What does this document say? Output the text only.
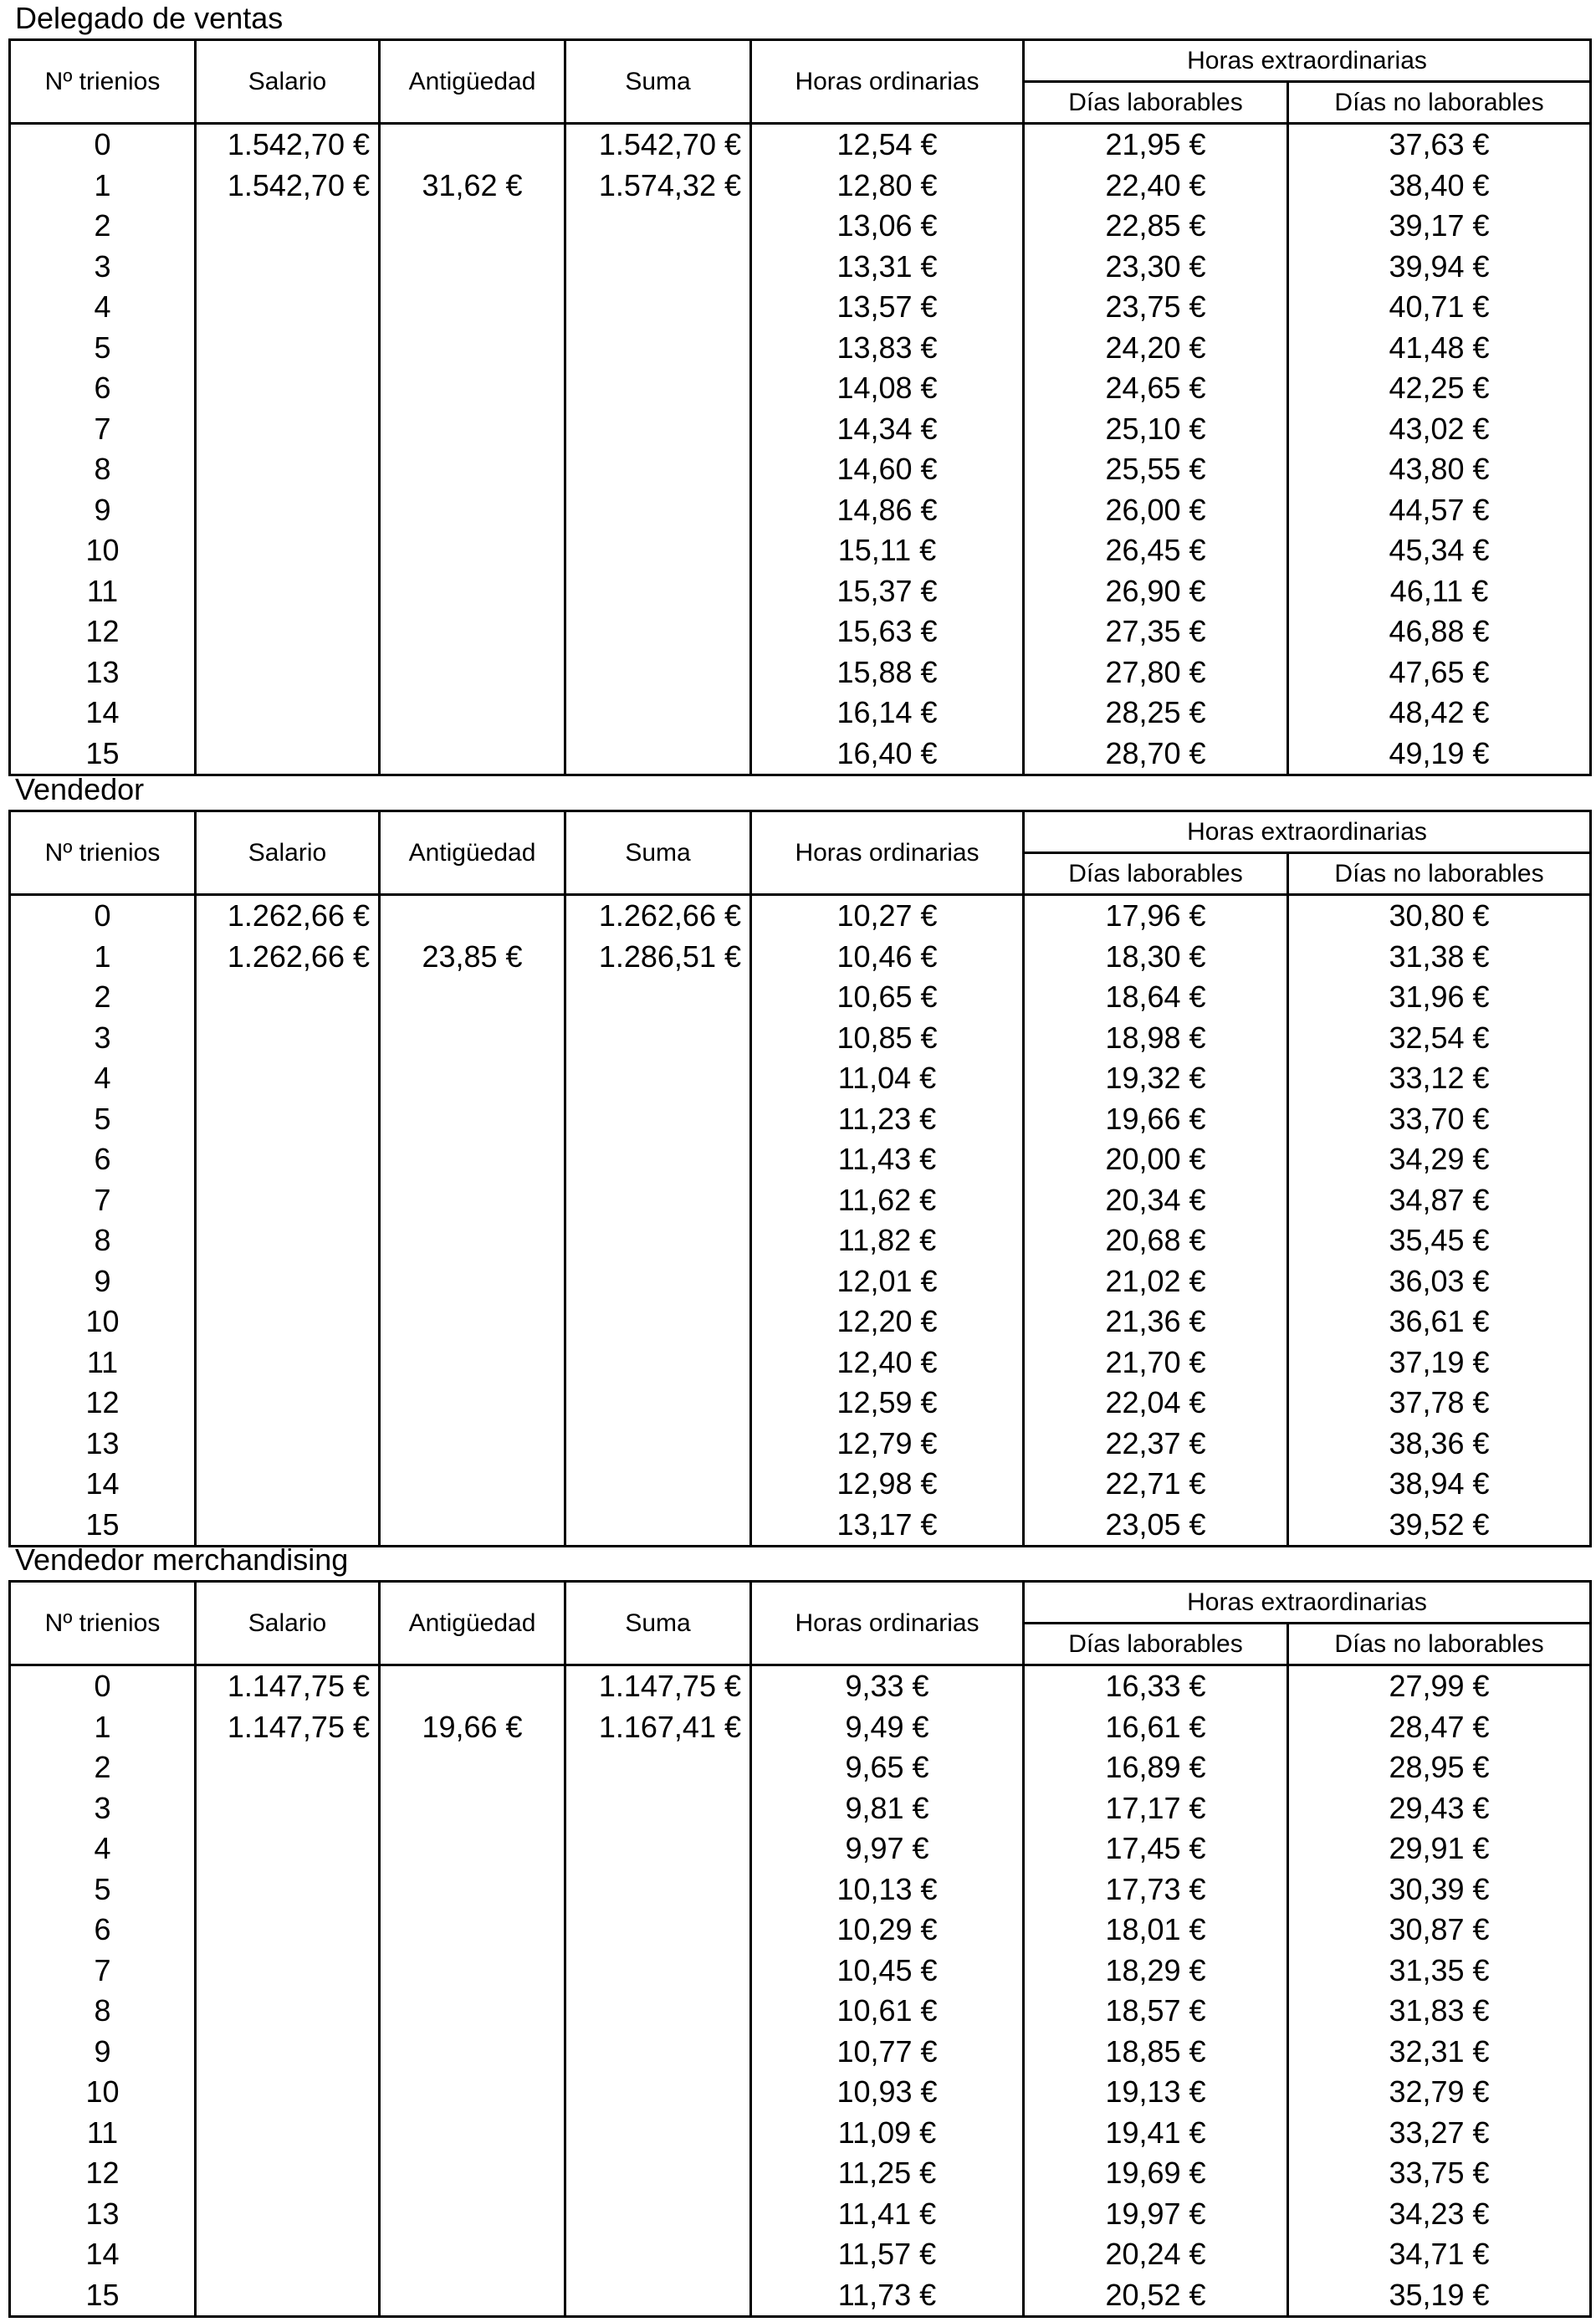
Delegado de ventas
Nº trienios	Salario	Antigüedad	Suma	Horas ordinarias	Horas extraordinarias	
					Días laborables	Días no laborables
0	1.542,70 €		1.542,70 €	12,54 €	21,95 €	37,63 €
1	1.542,70 €	31,62 €	1.574,32 €	12,80 €	22,40 €	38,40 €
2				13,06 €	22,85 €	39,17 €
3				13,31 €	23,30 €	39,94 €
4				13,57 €	23,75 €	40,71 €
5				13,83 €	24,20 €	41,48 €
6				14,08 €	24,65 €	42,25 €
7				14,34 €	25,10 €	43,02 €
8				14,60 €	25,55 €	43,80 €
9				14,86 €	26,00 €	44,57 €
10				15,11 €	26,45 €	45,34 €
11				15,37 €	26,90 €	46,11 €
12				15,63 €	27,35 €	46,88 €
13				15,88 €	27,80 €	47,65 €
14				16,14 €	28,25 €	48,42 €
15				16,40 €	28,70 €	49,19 €
Vendedor
Nº trienios	Salario	Antigüedad	Suma	Horas ordinarias	Horas extraordinarias	
					Días laborables	Días no laborables
0	1.262,66 €		1.262,66 €	10,27 €	17,96 €	30,80 €
1	1.262,66 €	23,85 €	1.286,51 €	10,46 €	18,30 €	31,38 €
2				10,65 €	18,64 €	31,96 €
3				10,85 €	18,98 €	32,54 €
4				11,04 €	19,32 €	33,12 €
5				11,23 €	19,66 €	33,70 €
6				11,43 €	20,00 €	34,29 €
7				11,62 €	20,34 €	34,87 €
8				11,82 €	20,68 €	35,45 €
9				12,01 €	21,02 €	36,03 €
10				12,20 €	21,36 €	36,61 €
11				12,40 €	21,70 €	37,19 €
12				12,59 €	22,04 €	37,78 €
13				12,79 €	22,37 €	38,36 €
14				12,98 €	22,71 €	38,94 €
15				13,17 €	23,05 €	39,52 €
Vendedor merchandising
Nº trienios	Salario	Antigüedad	Suma	Horas ordinarias	Horas extraordinarias	
					Días laborables	Días no laborables
0	1.147,75 €		1.147,75 €	9,33 €	16,33 €	27,99 €
1	1.147,75 €	19,66 €	1.167,41 €	9,49 €	16,61 €	28,47 €
2				9,65 €	16,89 €	28,95 €
3				9,81 €	17,17 €	29,43 €
4				9,97 €	17,45 €	29,91 €
5				10,13 €	17,73 €	30,39 €
6				10,29 €	18,01 €	30,87 €
7				10,45 €	18,29 €	31,35 €
8				10,61 €	18,57 €	31,83 €
9				10,77 €	18,85 €	32,31 €
10				10,93 €	19,13 €	32,79 €
11				11,09 €	19,41 €	33,27 €
12				11,25 €	19,69 €	33,75 €
13				11,41 €	19,97 €	34,23 €
14				11,57 €	20,24 €	34,71 €
15				11,73 €	20,52 €	35,19 €
